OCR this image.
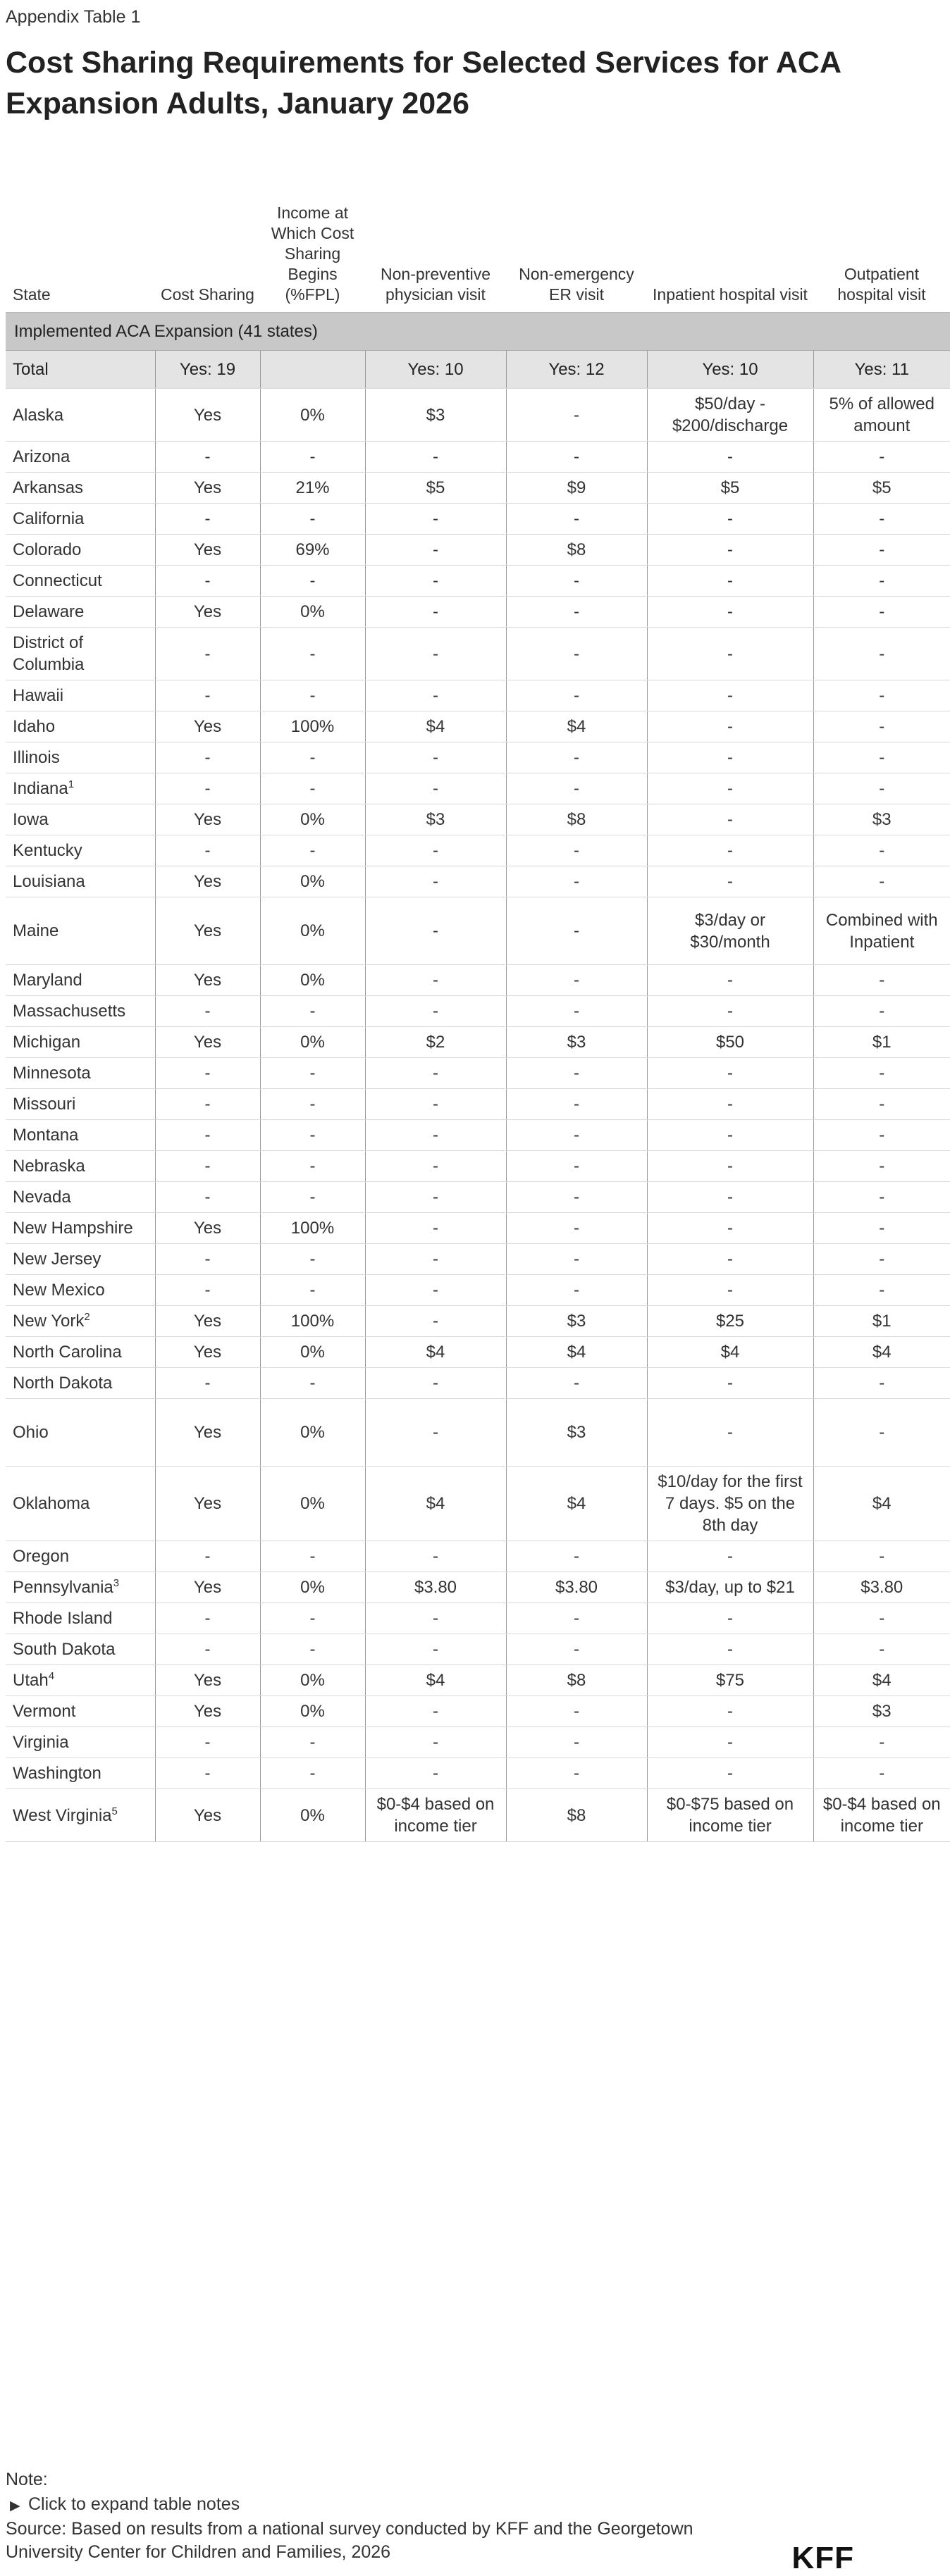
Appendix Table 1
Cost Sharing Requirements for Selected Services for ACA Expansion Adults, January 2026
State	Cost Sharing	Income at Which Cost Sharing Begins (%FPL)	Non-preventive physician visit	Non-emergency ER visit	Inpatient hospital visit	Outpatient hospital visit
Implemented ACA Expansion (41 states)						
Total	Yes: 19		Yes: 10	Yes: 12	Yes: 10	Yes: 11
Alaska	Yes	0%	$3	-	$50/day - $200/discharge	5% of allowed amount
Arizona	-	-	-	-	-	-
Arkansas	Yes	21%	$5	$9	$5	$5
California	-	-	-	-	-	-
Colorado	Yes	69%	-	$8	-	-
Connecticut	-	-	-	-	-	-
Delaware	Yes	0%	-	-	-	-
District of Columbia	-	-	-	-	-	-
Hawaii	-	-	-	-	-	-
Idaho	Yes	100%	$4	$4	-	-
Illinois	-	-	-	-	-	-
Indiana$^1$	-	-	-	-	-	-
Iowa	Yes	0%	$3	$8	-	$3
Kentucky	-	-	-	-	-	-
Louisiana	Yes	0%	-	-	-	-
Maine	Yes	0%	-	-	$3/day or $30/month	Combined with Inpatient
Maryland	Yes	0%	-	-	-	-
Massachusetts	-	-	-	-	-	-
Michigan	Yes	0%	$2	$3	$50	$1
Minnesota	-	-	-	-	-	-
Missouri	-	-	-	-	-	-
Montana	-	-	-	-	-	-
Nebraska	-	-	-	-	-	-
Nevada	-	-	-	-	-	-
New Hampshire	Yes	100%	-	-	-	-
New Jersey	-	-	-	-	-	-
New Mexico	-	-	-	-	-	-
New York$^2$	Yes	100%	-	$3	$25	$1
North Carolina	Yes	0%	$4	$4	$4	$4
North Dakota	-	-	-	-	-	-
Ohio	Yes	0%	-	$3	-	-
Oklahoma	Yes	0%	$4	$4	$10/day for the first 7 days. $5 on the 8th day	$4
Oregon	-	-	-	-	-	-
Pennsylvania$^3$	Yes	0%	$3.80	$3.80	$3/day, up to $21	$3.80
Rhode Island	-	-	-	-	-	-
South Dakota	-	-	-	-	-	-
Utah$^4$	Yes	0%	$4	$8	$75	$4
Vermont	Yes	0%	-	-	-	$3
Virginia	-	-	-	-	-	-
Washington	-	-	-	-	-	-
West Virginia$^5$	Yes	0%	$0-$4 based on income tier	$8	$0-$75 based on income tier	$0-$4 based on income tier
Note:
▶ Click to expand table notes
Source: Based on results from a national survey conducted by KFF and the Georgetown University Center for Children and Families, 2026	KFF
